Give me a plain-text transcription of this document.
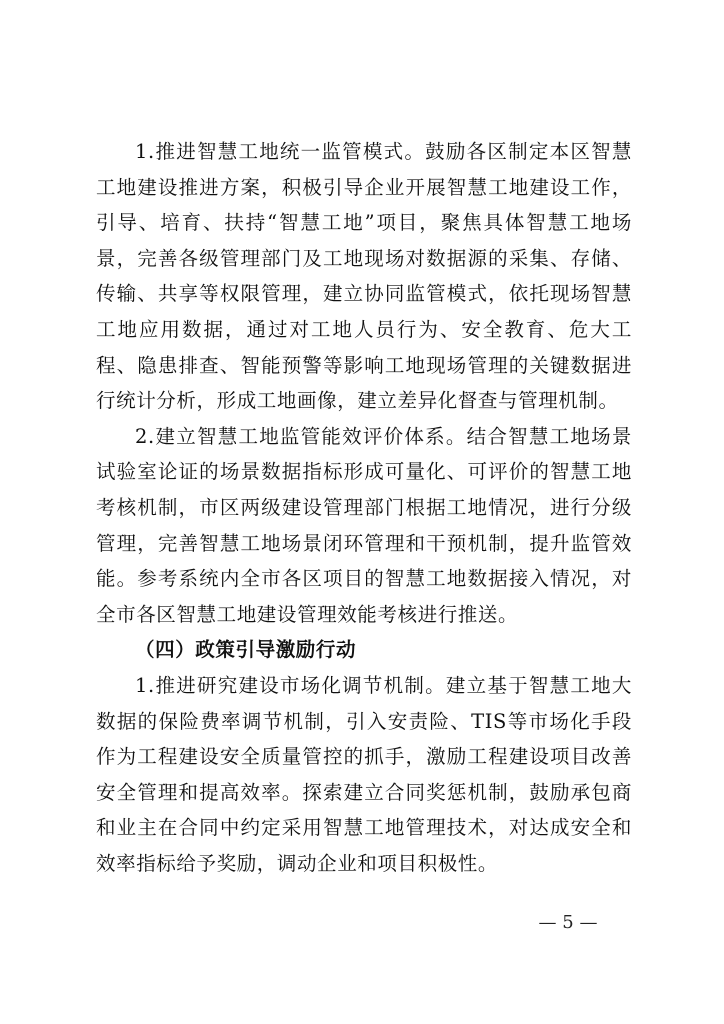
1.推进智慧工地统一监管模式。鼓励各区制定本区智慧工地建设推进方案，积极引导企业开展智慧工地建设工作，引导、培育、扶持“智慧工地”项目，聚焦具体智慧工地场景，完善各级管理部门及工地现场对数据源的采集、存储、传输、共享等权限管理，建立协同监管模式，依托现场智慧工地应用数据，通过对工地人员行为、安全教育、危大工程、隐患排查、智能预警等影响工地现场管理的关键数据进行统计分析，形成工地画像，建立差异化督查与管理机制。

2.建立智慧工地监管能效评价体系。结合智慧工地场景试验室论证的场景数据指标形成可量化、可评价的智慧工地考核机制，市区两级建设管理部门根据工地情况，进行分级管理，完善智慧工地场景闭环管理和干预机制，提升监管效能。参考系统内全市各区项目的智慧工地数据接入情况，对全市各区智慧工地建设管理效能考核进行推送。

（四）政策引导激励行动

1.推进研究建设市场化调节机制。建立基于智慧工地大数据的保险费率调节机制，引入安责险、TIS等市场化手段作为工程建设安全质量管控的抓手，激励工程建设项目改善安全管理和提高效率。探索建立合同奖惩机制，鼓励承包商和业主在合同中约定采用智慧工地管理技术，对达成安全和效率指标给予奖励，调动企业和项目积极性。

— 5 —
